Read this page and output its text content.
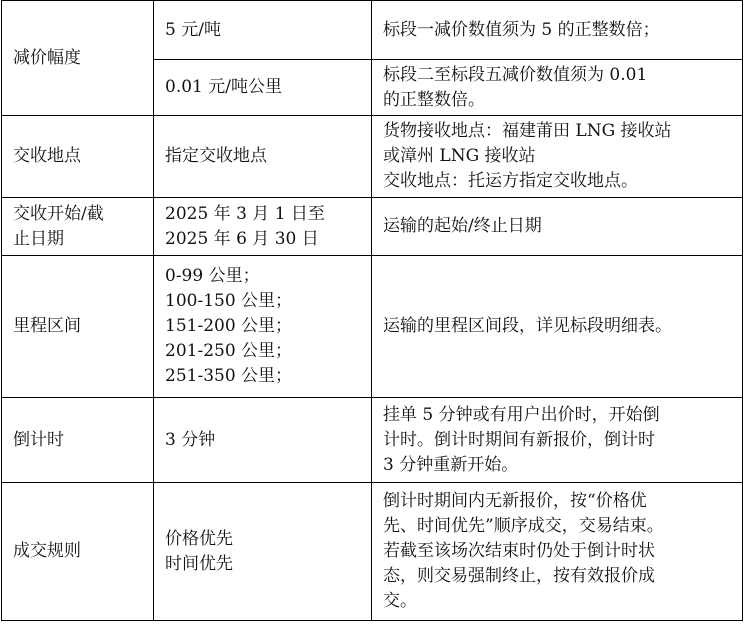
减价幅度	5 元/吨	标段一减价数值须为 5 的正整数倍；
	0.01 元/吨公里	标段二至标段五减价数值须为 0.01
的正整数倍。

交收地点	指定交收地点	货物接收地点：福建莆田 LNG 接收站
或漳州 LNG 接收站
交收地点：托运方指定交收地点。

交收开始/截
止日期	2025 年 3 月 1 日至
2025 年 6 月 30 日	运输的起始/终止日期
里程区间	0-99 公里；
100-150 公里；
151-200 公里；
201-250 公里；
251-350 公里；	运输的里程区间段，详见标段明细表。
倒计时	3 分钟	挂单 5 分钟或有用户出价时，开始倒
计时。倒计时期间有新报价，倒计时
3 分钟重新开始。

成交规则	价格优先
时间优先	倒计时期间内无新报价，按“价格优
先、时间优先”顺序成交，交易结束。
若截至该场次结束时仍处于倒计时状
态，则交易强制终止，按有效报价成
交。
